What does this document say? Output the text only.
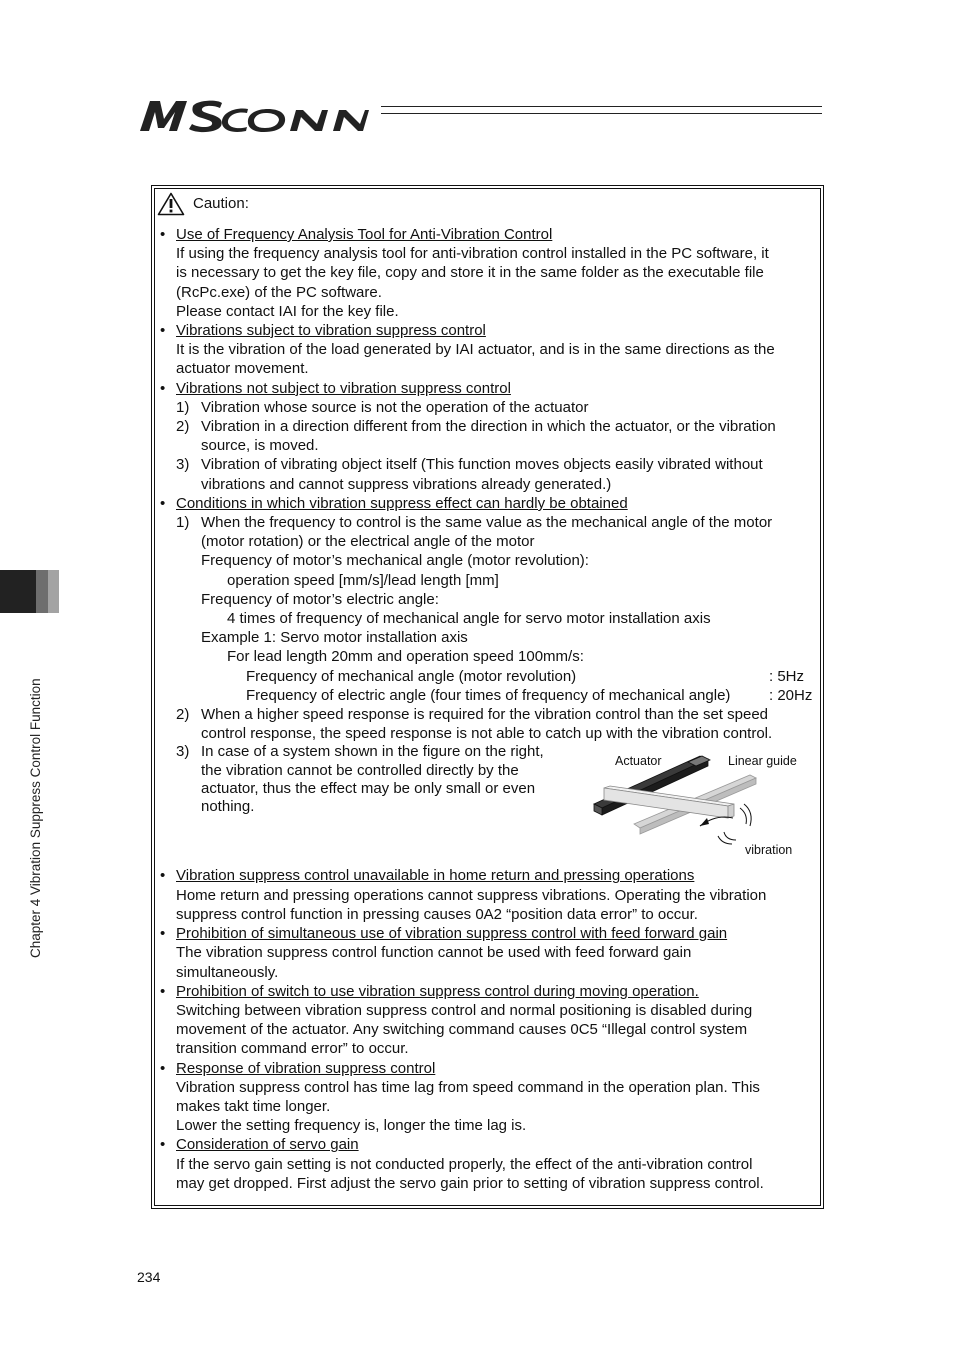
Chapter 4 Vibration Suppress Control Function
Caution:
• Use of Frequency Analysis Tool for Anti-Vibration Control
If using the frequency analysis tool for anti-vibration control installed in the PC software, it
is necessary to get the key file, copy and store it in the same folder as the executable file
(RcPc.exe) of the PC software.
Please contact IAI for the key file.
• Vibrations subject to vibration suppress control
It is the vibration of the load generated by IAI actuator, and is in the same directions as the
actuator movement.
• Vibrations not subject to vibration suppress control
1) Vibration whose source is not the operation of the actuator
2) Vibration in a direction different from the direction in which the actuator, or the vibration
source, is moved.
3) Vibration of vibrating object itself (This function moves objects easily vibrated without
vibrations and cannot suppress vibrations already generated.)
• Conditions in which vibration suppress effect can hardly be obtained
1) When the frequency to control is the same value as the mechanical angle of the motor
(motor rotation) or the electrical angle of the motor
Frequency of motor’s mechanical angle (motor revolution):
operation speed [mm/s]/lead length [mm]
Frequency of motor’s electric angle:
4 times of frequency of mechanical angle for servo motor installation axis
Example 1: Servo motor installation axis
For lead length 20mm and operation speed 100mm/s:
Frequency of mechanical angle (motor revolution)	: 5Hz
Frequency of electric angle (four times of frequency of mechanical angle)	: 20Hz
2) When a higher speed response is required for the vibration control than the set speed
control response, the speed response is not able to catch up with the vibration control.
3) In case of a system shown in the figure on the right,
the vibration cannot be controlled directly by the
actuator, thus the effect may be only small or even
nothing.
Actuator	Linear guide
vibration
• Vibration suppress control unavailable in home return and pressing operations
Home return and pressing operations cannot suppress vibrations. Operating the vibration
suppress control function in pressing causes 0A2 “position data error” to occur.
• Prohibition of simultaneous use of vibration suppress control with feed forward gain
The vibration suppress control function cannot be used with feed forward gain
simultaneously.
• Prohibition of switch to use vibration suppress control during moving operation.
Switching between vibration suppress control and normal positioning is disabled during
movement of the actuator. Any switching command causes 0C5 “Illegal control system
transition command error” to occur.
• Response of vibration suppress control
Vibration suppress control has time lag from speed command in the operation plan. This
makes takt time longer.
Lower the setting frequency is, longer the time lag is.
• Consideration of servo gain
If the servo gain setting is not conducted properly, the effect of the anti-vibration control
may get dropped. First adjust the servo gain prior to setting of vibration suppress control.
234
